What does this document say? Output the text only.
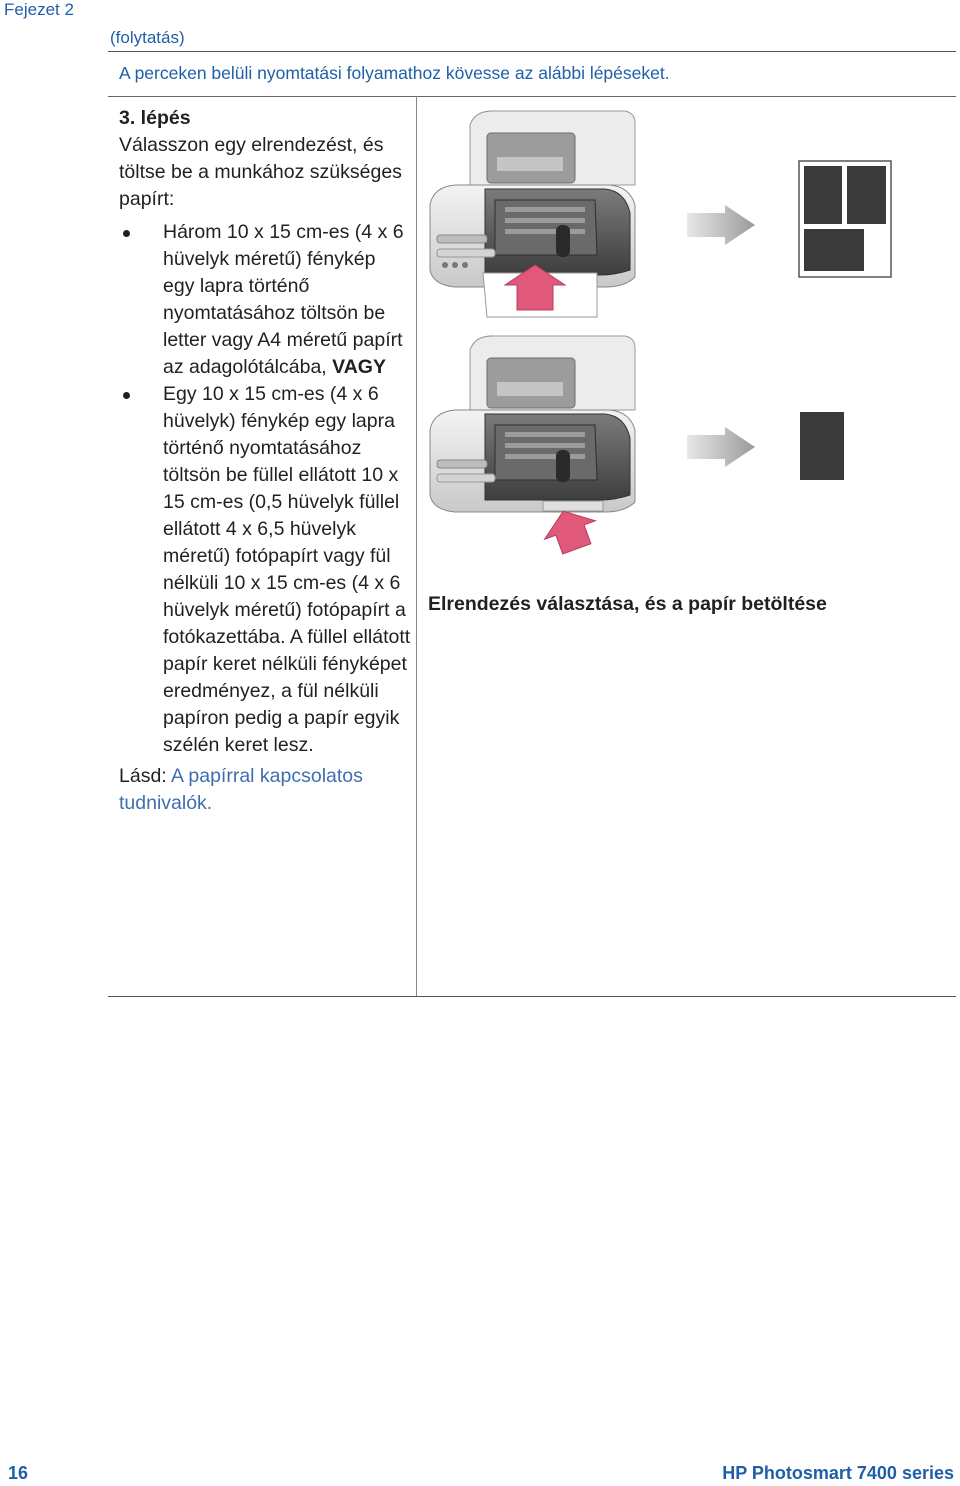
Fejezet 2
(folytatás)
A perceken belüli nyomtatási folyamathoz kövesse az alábbi lépéseket.
3. lépés

Válasszon egy elrendezést, és töltse be a munkához szükséges papírt:

Három 10 x 15 cm-es (4 x 6 hüvelyk méretű) fénykép egy lapra történő nyomtatásához töltsön be letter vagy A4 méretű papírt az adagolótálcába, VAGY
Egy 10 x 15 cm-es (4 x 6 hüvelyk) fénykép egy lapra történő nyomtatásához töltsön be füllel ellátott 10 x 15 cm-es (0,5 hüvelyk füllel ellátott 4 x 6,5 hüvelyk méretű) fotópapírt vagy fül nélküli 10 x 15 cm-es (4 x 6 hüvelyk méretű) fotópapírt a fotókazettába. A füllel ellátott papír keret nélküli fényképet eredményez, a fül nélküli papíron pedig a papír egyik szélén keret lesz.
Lásd: A papírral kapcsolatos tudnivalók.
Elrendezés választása, és a papír betöltése
16	HP Photosmart 7400 series
